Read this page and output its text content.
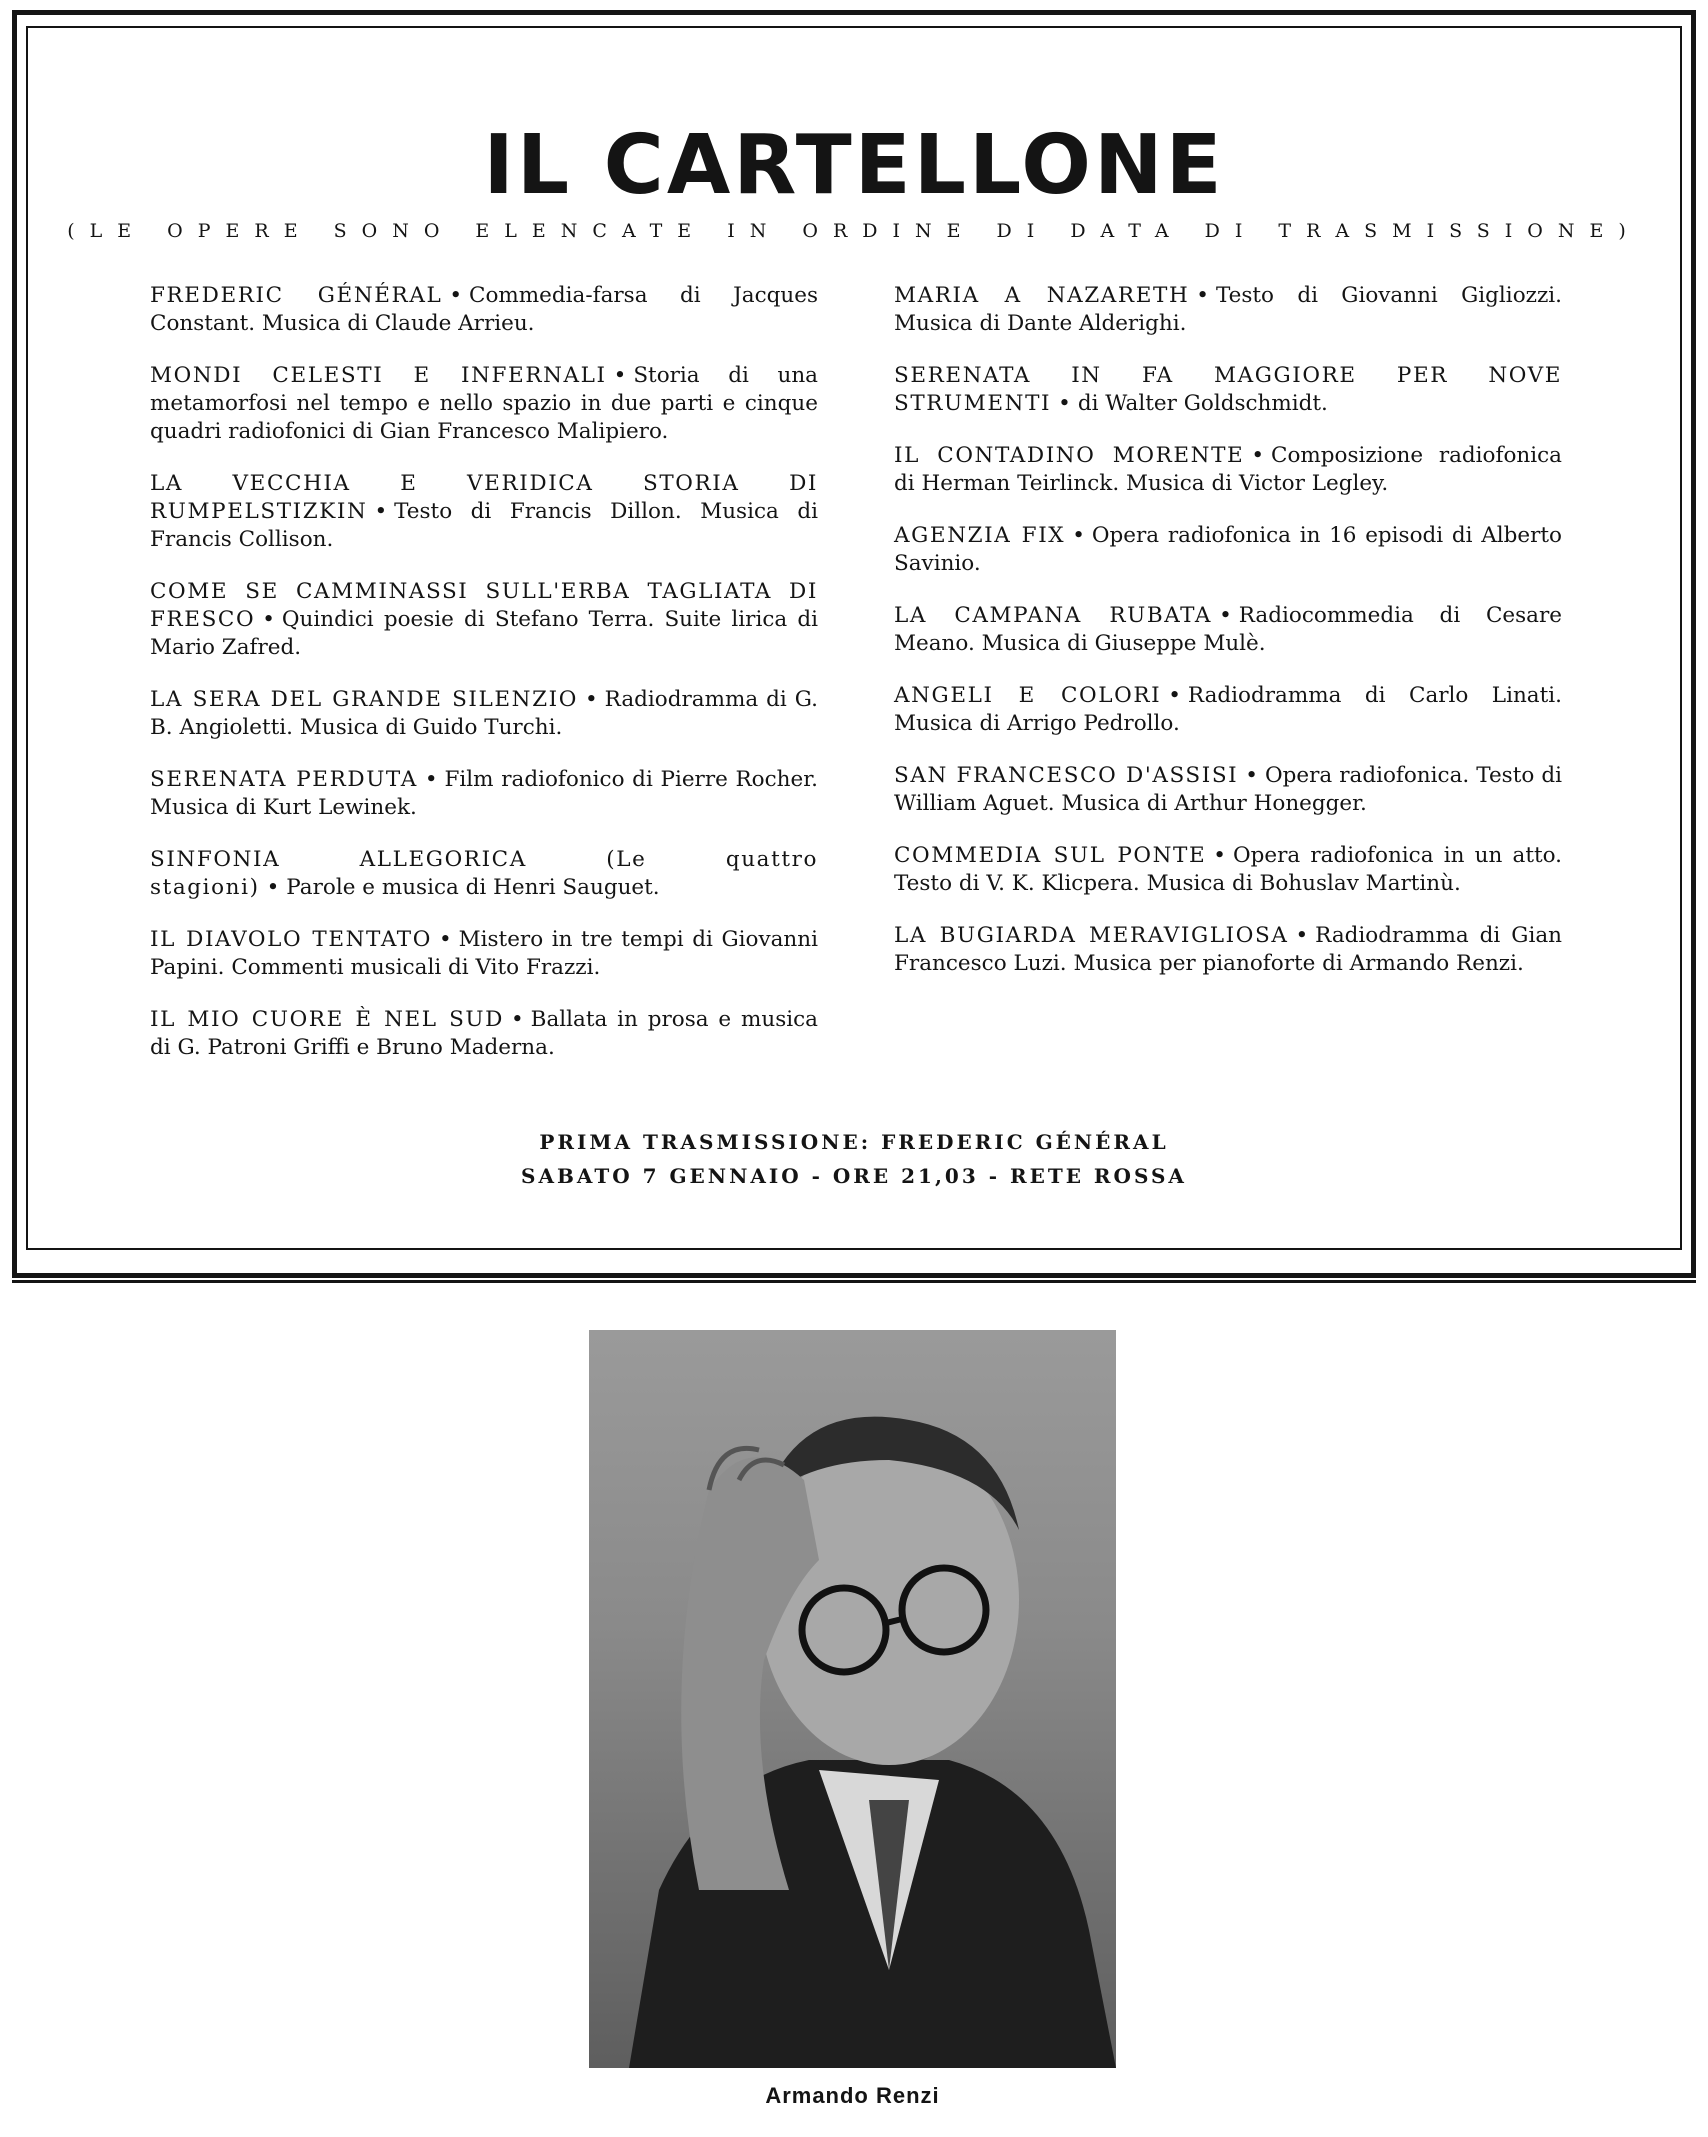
IL CARTELLONE
(LE OPERE SONO ELENCATE IN ORDINE DI DATA DI TRASMISSIONE)

FREDERIC GÉNÉRAL • Commedia-farsa di Jacques Constant. Musica di Claude Arrieu.

MONDI CELESTI E INFERNALI • Storia di una metamorfosi nel tempo e nello spazio in due parti e cinque quadri radiofonici di Gian Francesco Malipiero.

LA VECCHIA E VERIDICA STORIA DI RUMPELSTIZKIN • Testo di Francis Dillon. Musica di Francis Collison.

COME SE CAMMINASSI SULL'ERBA TAGLIATA DI FRESCO • Quindici poesie di Stefano Terra. Suite lirica di Mario Zafred.

LA SERA DEL GRANDE SILENZIO • Radiodramma di G. B. Angioletti. Musica di Guido Turchi.

SERENATA PERDUTA • Film radiofonico di Pierre Rocher. Musica di Kurt Lewinek.

SINFONIA ALLEGORICA (Le quattro stagioni) • Parole e musica di Henri Sauguet.

IL DIAVOLO TENTATO • Mistero in tre tempi di Giovanni Papini. Commenti musicali di Vito Frazzi.

IL MIO CUORE È NEL SUD • Ballata in prosa e musica di G. Patroni Griffi e Bruno Maderna.

MARIA A NAZARETH • Testo di Giovanni Gigliozzi. Musica di Dante Alderighi.

SERENATA IN FA MAGGIORE PER NOVE STRUMENTI • di Walter Goldschmidt.

IL CONTADINO MORENTE • Composizione radiofonica di Herman Teirlinck. Musica di Victor Legley.

AGENZIA FIX • Opera radiofonica in 16 episodi di Alberto Savinio.

LA CAMPANA RUBATA • Radiocommedia di Cesare Meano. Musica di Giuseppe Mulè.

ANGELI E COLORI • Radiodramma di Carlo Linati. Musica di Arrigo Pedrollo.

SAN FRANCESCO D'ASSISI • Opera radiofonica. Testo di William Aguet. Musica di Arthur Honegger.

COMMEDIA SUL PONTE • Opera radiofonica in un atto. Testo di V. K. Klicpera. Musica di Bohuslav Martinù.

LA BUGIARDA MERAVIGLIOSA • Radiodramma di Gian Francesco Luzi. Musica per pianoforte di Armando Renzi.

PRIMA TRASMISSIONE: FREDERIC GÉNÉRAL
SABATO 7 GENNAIO - ORE 21,03 - RETE ROSSA
Armando Renzi
